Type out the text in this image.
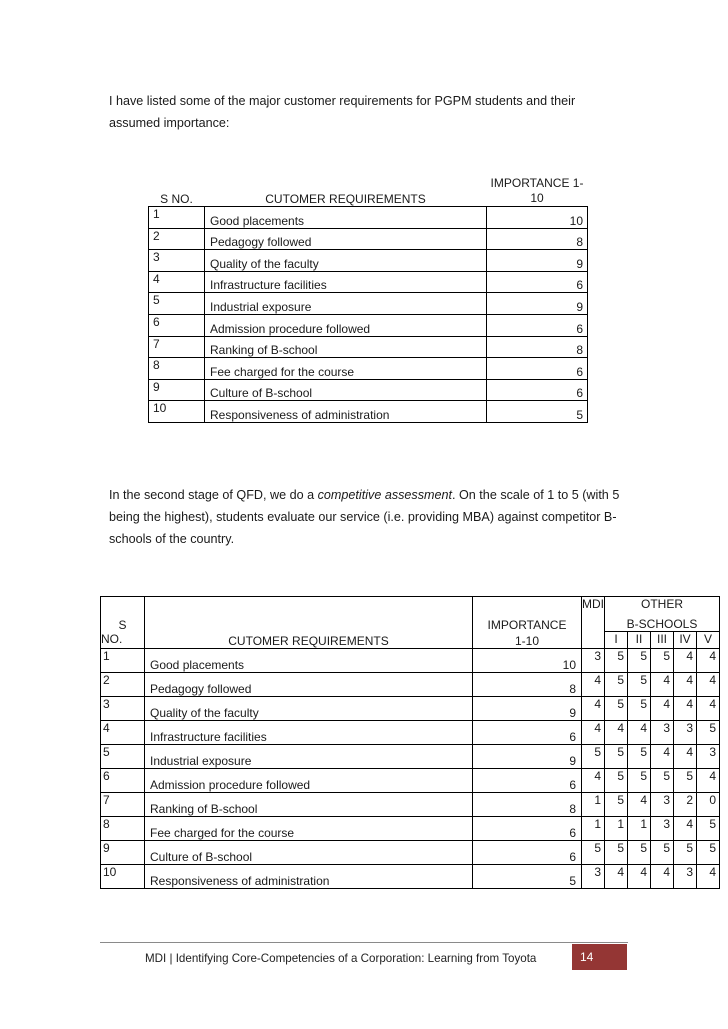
I have listed some of the major customer requirements for PGPM students and their assumed importance:

S NO.	CUTOMER REQUIREMENTS	IMPORTANCE 1-10
1	Good placements	10
2	Pedagogy followed	8
3	Quality of the faculty	9
4	Infrastructure facilities	6
5	Industrial exposure	9
6	Admission procedure followed	6
7	Ranking of B-school	8
8	Fee charged for the course	6
9	Culture of B-school	6
10	Responsiveness of administration	5

In the second stage of QFD, we do a competitive assessment. On the scale of 1 to 5 (with 5 being the highest), students evaluate our service (i.e. providing MBA) against competitor B-schools of the country.

			MDI	OTHER				
S		IMPORTANCE		B-SCHOOLS				
NO.	CUTOMER REQUIREMENTS	1-10		I	II	III	IV	V
1	Good placements	10	3	5	5	5	4	4
2	Pedagogy followed	8	4	5	5	4	4	4
3	Quality of the faculty	9	4	5	5	4	4	4
4	Infrastructure facilities	6	4	4	4	3	3	5
5	Industrial exposure	9	5	5	5	4	4	3
6	Admission procedure followed	6	4	5	5	5	5	4
7	Ranking of B-school	8	1	5	4	3	2	0
8	Fee charged for the course	6	1	1	1	3	4	5
9	Culture of B-school	6	5	5	5	5	5	5
10	Responsiveness of administration	5	3	4	4	4	3	4
MDI | Identifying Core-Competencies of a Corporation: Learning from Toyota	14
